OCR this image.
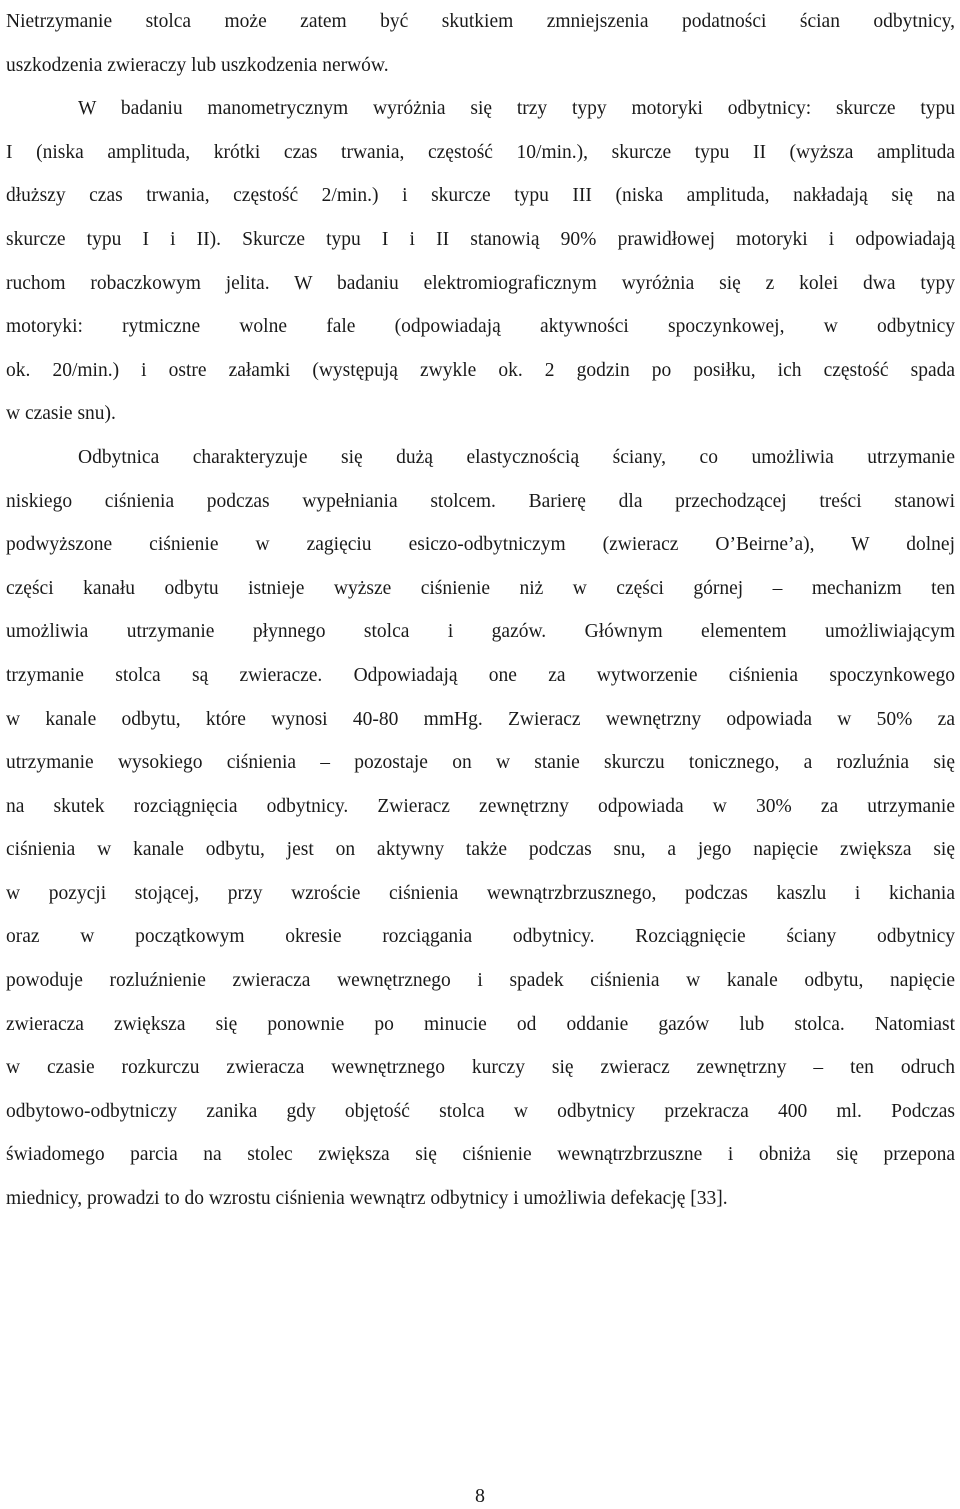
Nietrzymanie stolca może zatem być skutkiem zmniejszenia podatności ścian odbytnicy,
uszkodzenia zwieraczy lub uszkodzenia nerwów.
W badaniu manometrycznym wyróżnia się trzy typy motoryki odbytnicy: skurcze typu
I (niska amplituda, krótki czas trwania, częstość 10/min.), skurcze typu II (wyższa amplituda
dłuższy czas trwania, częstość 2/min.) i skurcze typu III (niska amplituda, nakładają się na
skurcze typu I i II). Skurcze typu I i II stanowią 90% prawidłowej motoryki i odpowiadają
ruchom robaczkowym jelita. W badaniu elektromiograficznym wyróżnia się z kolei dwa typy
motoryki: rytmiczne wolne fale (odpowiadają aktywności spoczynkowej, w odbytnicy
ok. 20/min.) i ostre załamki (występują zwykle ok. 2 godzin po posiłku, ich częstość spada
w czasie snu).
Odbytnica charakteryzuje się dużą elastycznością ściany, co umożliwia utrzymanie
niskiego ciśnienia podczas wypełniania stolcem. Barierę dla przechodzącej treści stanowi
podwyższone ciśnienie w zagięciu esiczo-odbytniczym (zwieracz O’Beirne’a), W dolnej
części kanału odbytu istnieje wyższe ciśnienie niż w części górnej – mechanizm ten
umożliwia utrzymanie płynnego stolca i gazów. Głównym elementem umożliwiającym
trzymanie stolca są zwieracze. Odpowiadają one za wytworzenie ciśnienia spoczynkowego
w kanale odbytu, które wynosi 40-80 mmHg. Zwieracz wewnętrzny odpowiada w 50% za
utrzymanie wysokiego ciśnienia – pozostaje on w stanie skurczu tonicznego, a rozluźnia się
na skutek rozciągnięcia odbytnicy. Zwieracz zewnętrzny odpowiada w 30% za utrzymanie
ciśnienia w kanale odbytu, jest on aktywny także podczas snu, a jego napięcie zwiększa się
w pozycji stojącej, przy wzroście ciśnienia wewnątrzbrzusznego, podczas kaszlu i kichania
oraz w początkowym okresie rozciągania odbytnicy. Rozciągnięcie ściany odbytnicy
powoduje rozluźnienie zwieracza wewnętrznego i spadek ciśnienia w kanale odbytu, napięcie
zwieracza zwiększa się ponownie po minucie od oddanie gazów lub stolca. Natomiast
w czasie rozkurczu zwieracza wewnętrznego kurczy się zwieracz zewnętrzny – ten odruch
odbytowo-odbytniczy zanika gdy objętość stolca w odbytnicy przekracza 400 ml. Podczas
świadomego parcia na stolec zwiększa się ciśnienie wewnątrzbrzuszne i obniża się przepona
miednicy, prowadzi to do wzrostu ciśnienia wewnątrz odbytnicy i umożliwia defekację [33].
8
